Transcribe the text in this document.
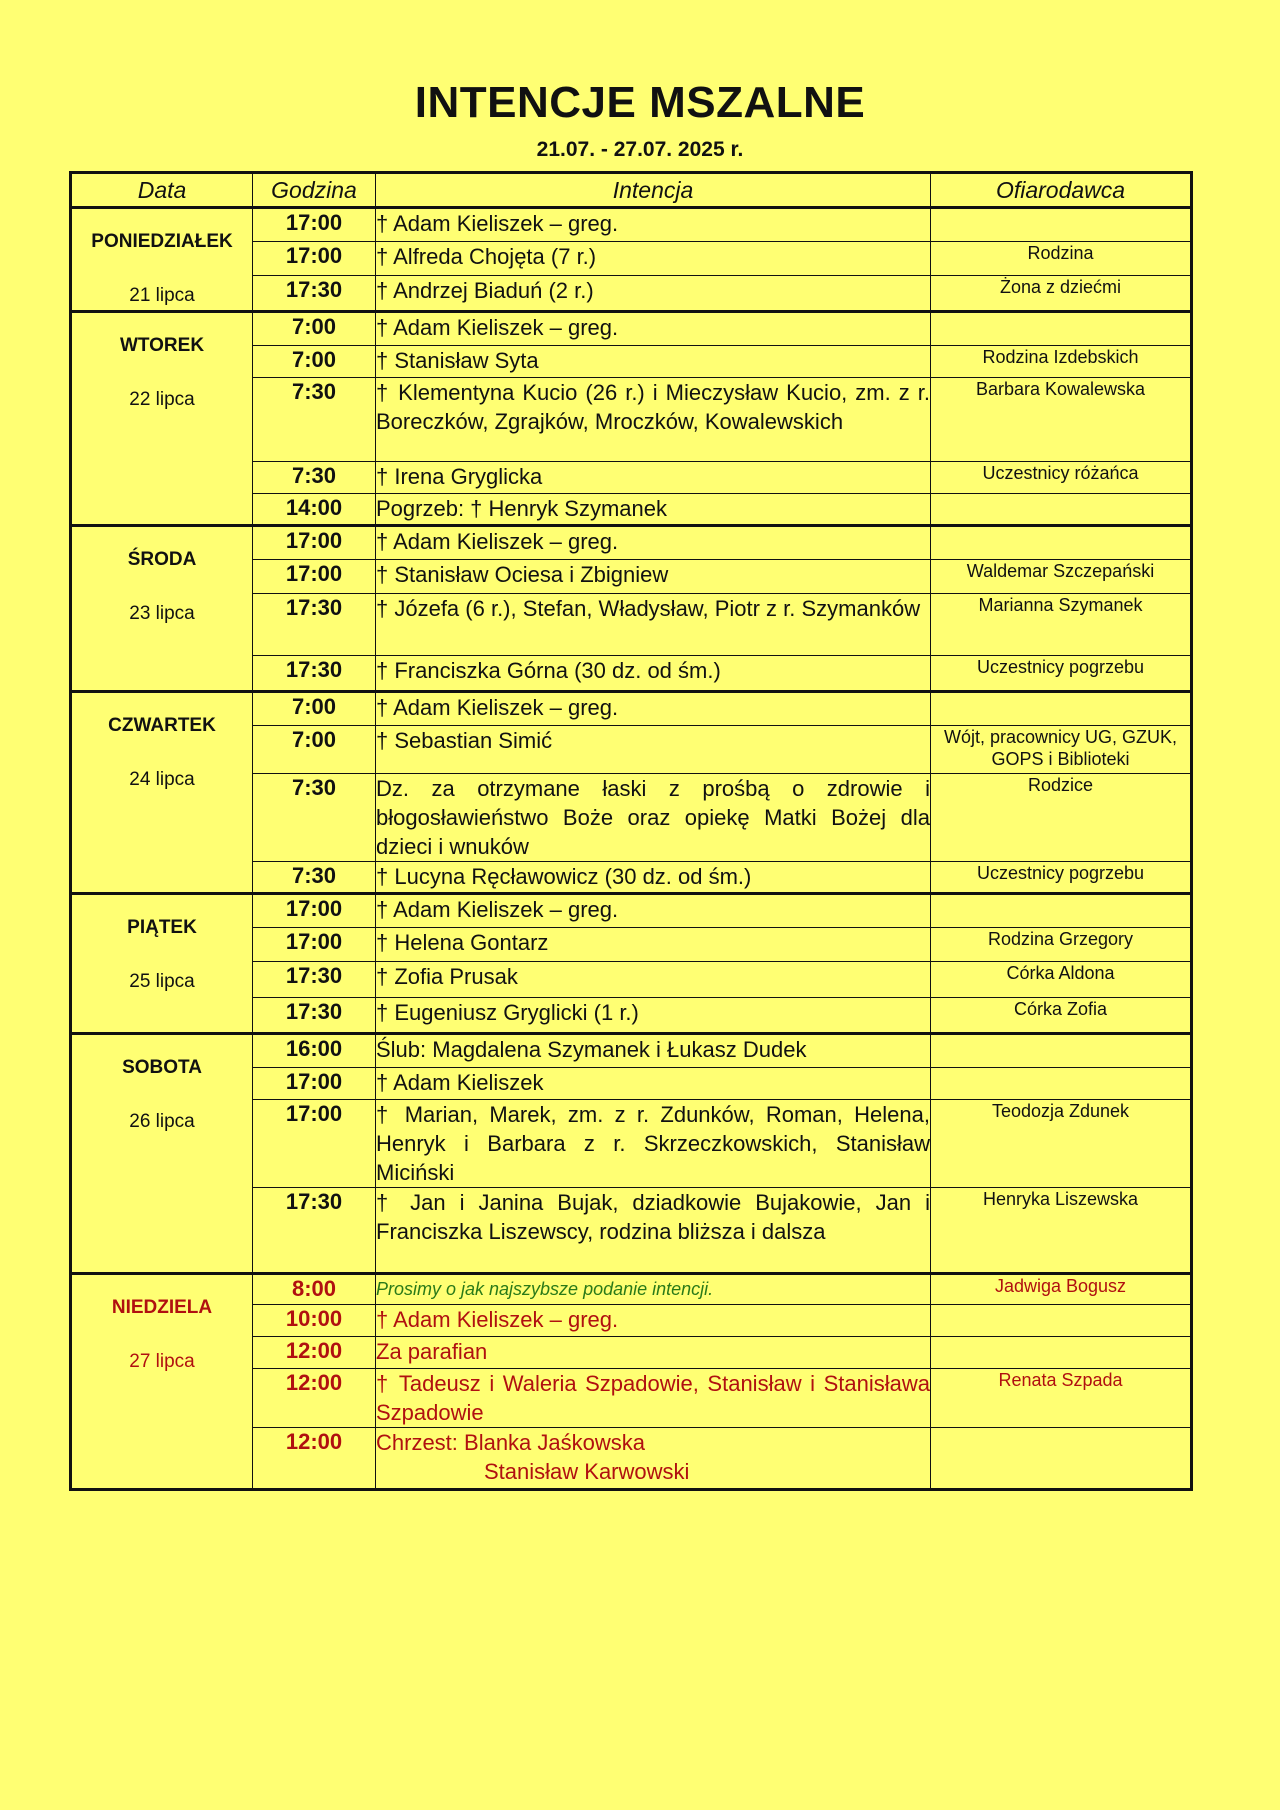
INTENCJE MSZALNE
21.07. - 27.07. 2025 r.
Data	Godzina	Intencja	Ofiarodawca

PONIEDZIAŁEK
21 lipca	17:00	† Adam Kieliszek – greg.	
	17:00	† Alfreda Chojęta (7 r.)	Rodzina
	17:30	† Andrzej Biaduń (2 r.)	Żona z dziećmi

WTOREK
22 lipca	7:00	† Adam Kieliszek – greg.	
	7:00	† Stanisław Syta	Rodzina Izdebskich
	7:30	† Klementyna Kucio (26 r.) i Mieczysław Kucio, zm. z r. Boreczków, Zgrajków, Mroczków, Kowalewskich	Barbara Kowalewska
	7:30	† Irena Gryglicka	Uczestnicy różańca
	14:00	Pogrzeb: † Henryk Szymanek	

ŚRODA
23 lipca	17:00	† Adam Kieliszek – greg.	
	17:00	† Stanisław Ociesa i Zbigniew	Waldemar Szczepański
	17:30	† Józefa (6 r.), Stefan, Władysław, Piotr z r. Szymanków	Marianna Szymanek
	17:30	† Franciszka Górna (30 dz. od śm.)	Uczestnicy pogrzebu

CZWARTEK
24 lipca	7:00	† Adam Kieliszek – greg.	
	7:00	† Sebastian Simić	Wójt, pracownicy UG, GZUK, GOPS i Biblioteki
	7:30	Dz. za otrzymane łaski z prośbą o zdrowie i błogosławieństwo Boże oraz opiekę Matki Bożej dla dzieci i wnuków	Rodzice
	7:30	† Lucyna Ręcławowicz (30 dz. od śm.)	Uczestnicy pogrzebu

PIĄTEK
25 lipca	17:00	† Adam Kieliszek – greg.	
	17:00	† Helena Gontarz	Rodzina Grzegory
	17:30	† Zofia Prusak	Córka Aldona
	17:30	† Eugeniusz Gryglicki (1 r.)	Córka Zofia

SOBOTA
26 lipca	16:00	Ślub: Magdalena Szymanek i Łukasz Dudek	
	17:00	† Adam Kieliszek	
	17:00	† Marian, Marek, zm. z r. Zdunków, Roman, Helena, Henryk i Barbara z r. Skrzeczkowskich, Stanisław Miciński	Teodozja Zdunek
	17:30	† Jan i Janina Bujak, dziadkowie Bujakowie, Jan i Franciszka Liszewscy, rodzina bliższa i dalsza	Henryka Liszewska

NIEDZIELA
27 lipca	8:00	Prosimy o jak najszybsze podanie intencji.	Jadwiga Bogusz
	10:00	† Adam Kieliszek – greg.	
	12:00	Za parafian	
	12:00	† Tadeusz i Waleria Szpadowie, Stanisław i Stanisława Szpadowie	Renata Szpada
	12:00	Chrzest: Blanka Jaśkowska
Stanisław Karwowski	
